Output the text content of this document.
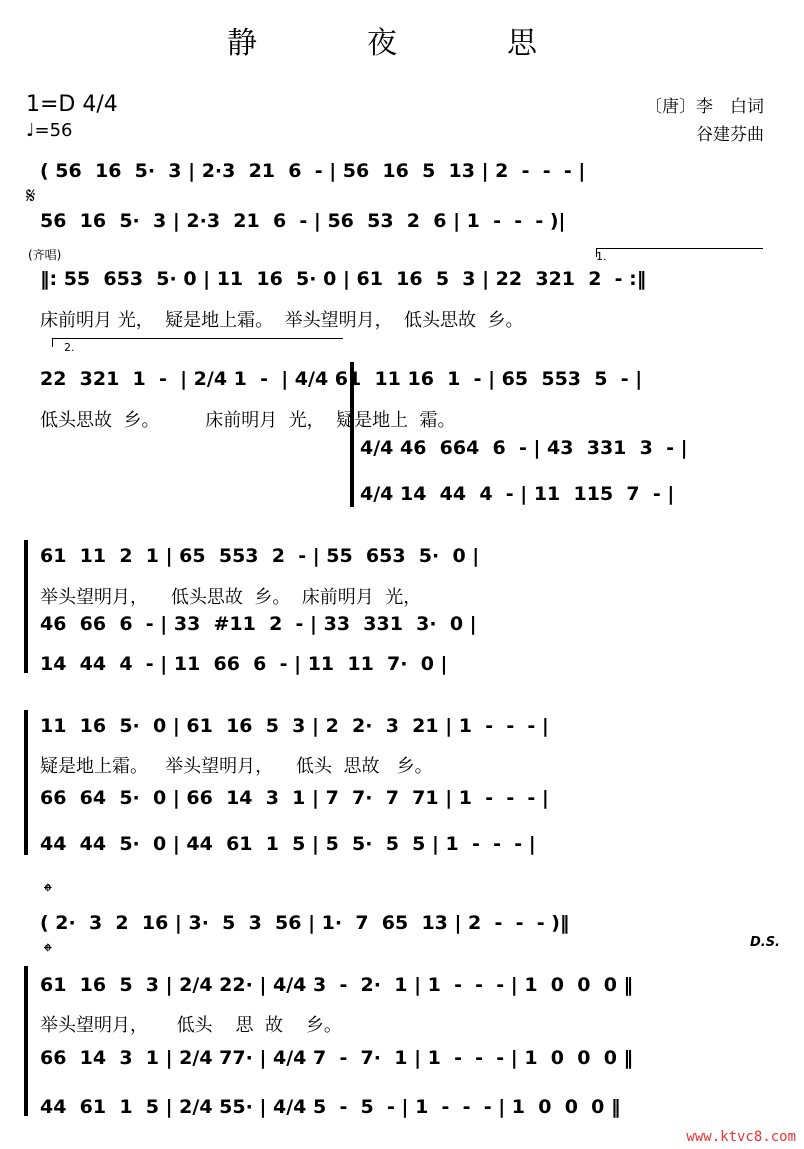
静　夜　思
1=D 4/4
♩=56
〔唐〕李　白词
谷建芬曲
𝄋
𝄌
𝄌	D.S.
1.
2.
( 56  16  5·  3 | 2·3  21  6  - | 56  16  5  13 | 2  -  -  - |
56  16  5·  3 | 2·3  21  6  - | 56  53  2  6 | 1  -  -  - )|
(齐唱)
‖: 55  653  5· 0 | 11  16  5· 0 | 61  16  5  3 | 22  321  2  - :‖
床前明月 光，  疑是地上霜。  举头望明月，  低头思故  乡。
22  321  1  -  | 2/4 1  -  | 4/4 61  11 16  1  - | 65  553  5  - |
低头思故  乡。        床前明月  光，  疑是地上  霜。
4/4 46  664  6  - | 43  331  3  - |
4/4 14  44  4  - | 11  115  7  - |
61  11  2  1 | 65  553  2  - | 55  653  5·  0 |
举头望明月，    低头思故  乡。  床前明月  光，
46  66  6  - | 33  #11  2  - | 33  331  3·  0 |
14  44  4  - | 11  66  6  - | 11  11  7·  0 |
11  16  5·  0 | 61  16  5  3 | 2  2·  3  21 | 1  -  -  - |
疑是地上霜。   举头望明月，    低头  思故   乡。
66  64  5·  0 | 66  14  3  1 | 7  7·  7  71 | 1  -  -  - |
44  44  5·  0 | 44  61  1  5 | 5  5·  5  5 | 1  -  -  - |
( 2·  3  2  16 | 3·  5  3  56 | 1·  7  65  13 | 2  -  -  - )‖
61  16  5  3 | 2/4 22· | 4/4 3  -  2·  1 | 1  -  -  - | 1  0  0  0 ‖
举头望明月，     低头    思  故    乡。
66  14  3  1 | 2/4 77· | 4/4 7  -  7·  1 | 1  -  -  - | 1  0  0  0 ‖
44  61  1  5 | 2/4 55· | 4/4 5  -  5  - | 1  -  -  - | 1  0  0  0 ‖
www.ktvc8.com
